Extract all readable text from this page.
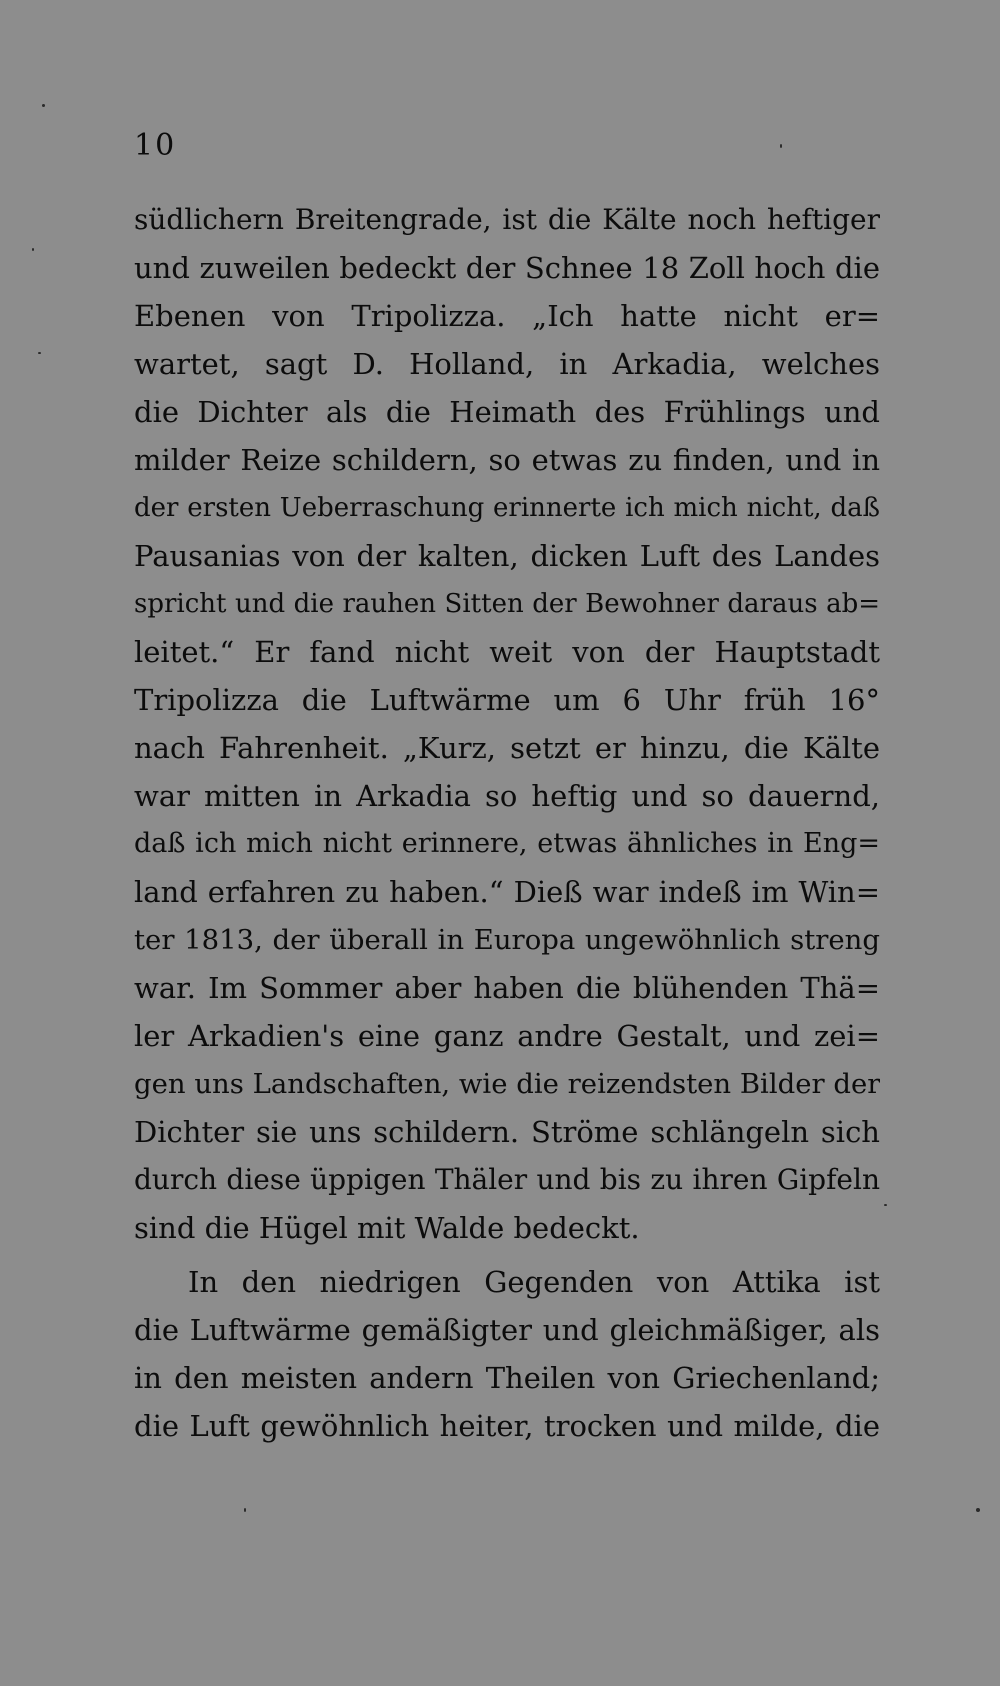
10
südlichern Breitengrade, ist die Kälte noch heftiger
und zuweilen bedeckt der Schnee 18 Zoll hoch die
Ebenen von Tripolizza. „Ich hatte nicht er=
wartet, sagt D. Holland, in Arkadia, welches
die Dichter als die Heimath des Frühlings und
milder Reize schildern, so etwas zu finden, und in
der ersten Ueberraschung erinnerte ich mich nicht, daß
Pausanias von der kalten, dicken Luft des Landes
spricht und die rauhen Sitten der Bewohner daraus ab=
leitet.“ Er fand nicht weit von der Hauptstadt
Tripolizza die Luftwärme um 6 Uhr früh 16°
nach Fahrenheit. „Kurz, setzt er hinzu, die Kälte
war mitten in Arkadia so heftig und so dauernd,
daß ich mich nicht erinnere, etwas ähnliches in Eng=
land erfahren zu haben.“ Dieß war indeß im Win=
ter 1813, der überall in Europa ungewöhnlich streng
war. Im Sommer aber haben die blühenden Thä=
ler Arkadien's eine ganz andre Gestalt, und zei=
gen uns Landschaften, wie die reizendsten Bilder der
Dichter sie uns schildern. Ströme schlängeln sich
durch diese üppigen Thäler und bis zu ihren Gipfeln
sind die Hügel mit Walde bedeckt.
In den niedrigen Gegenden von Attika ist
die Luftwärme gemäßigter und gleichmäßiger, als
in den meisten andern Theilen von Griechenland;
die Luft gewöhnlich heiter, trocken und milde, die
